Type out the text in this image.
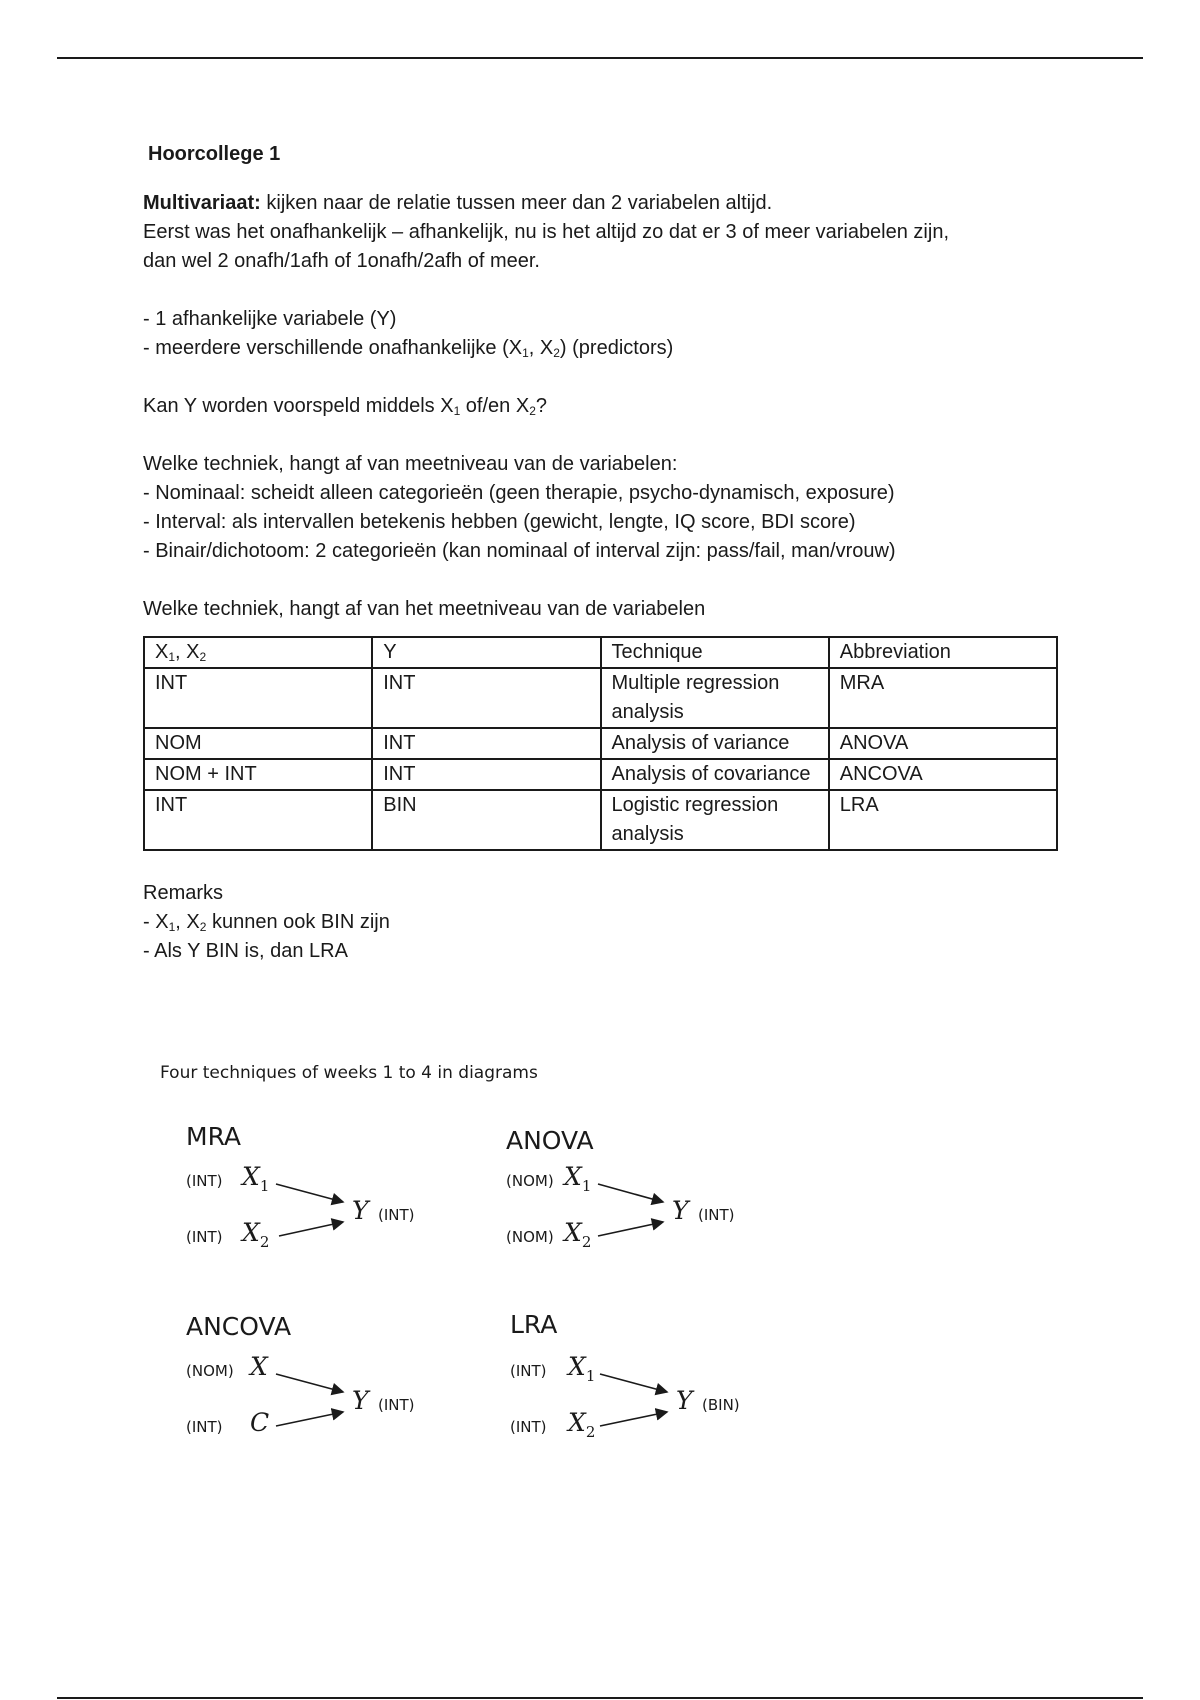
Hoorcollege 1

Multivariaat: kijken naar de relatie tussen meer dan 2 variabelen altijd.

Eerst was het onafhankelijk – afhankelijk, nu is het altijd zo dat er 3 of meer variabelen zijn,

dan wel 2 onafh/1afh of 1onafh/2afh of meer.

- 1 afhankelijke variabele (Y)

- meerdere verschillende onafhankelijke ($X_1$, $X_2$) (predictors)

Kan Y worden voorspeld middels $X_1$ of/en $X_2$?

Welke techniek, hangt af van meetniveau van de variabelen:

- Nominaal: scheidt alleen categorieën (geen therapie, psycho-dynamisch, exposure)

- Interval: als intervallen betekenis hebben (gewicht, lengte, IQ score, BDI score)

- Binair/dichotoom: 2 categorieën (kan nominaal of interval zijn: pass/fail, man/vrouw)

Welke techniek, hangt af van het meetniveau van de variabelen

$X_1$, $X_2$	Y	Technique	Abbreviation
INT	INT	Multiple regression analysis	MRA
NOM	INT	Analysis of variance	ANOVA
NOM + INT	INT	Analysis of covariance	ANCOVA
INT	BIN	Logistic regression analysis	LRA

Remarks

- $X_1$, $X_2$ kunnen ook BIN zijn

- Als Y BIN is, dan LRA

Four techniques of weeks 1 to 4 in diagrams
MRA
(INT) $X_1$
(INT) $X_2$
Y (INT)
ANOVA
(NOM) $X_1$
(NOM) $X_2$
Y (INT)
ANCOVA
(NOM) X
(INT) C
Y (INT)
LRA
(INT) $X_1$
(INT) $X_2$
Y (BIN)
